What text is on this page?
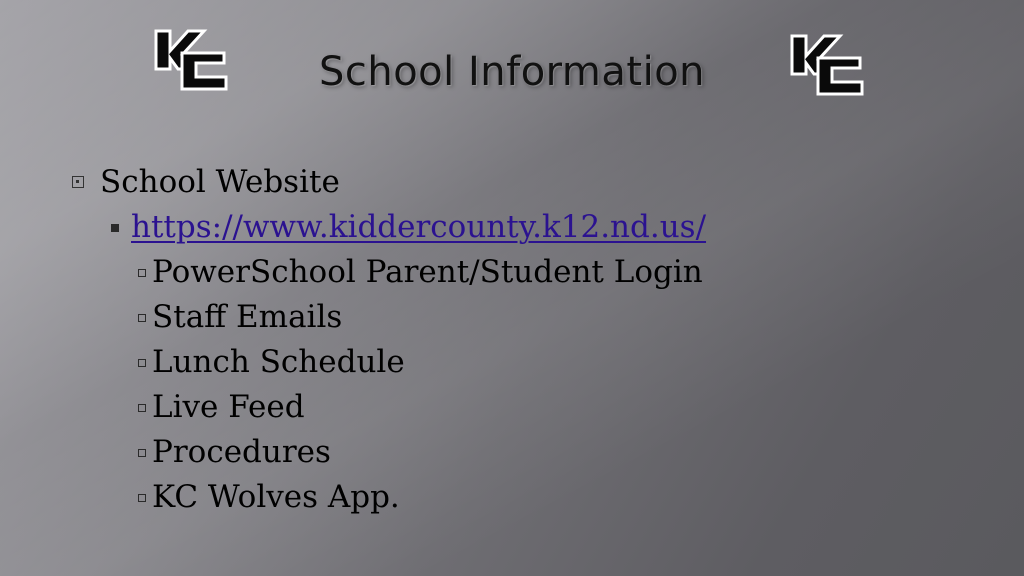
School Information
School Website
https://www.kiddercounty.k12.nd.us/
PowerSchool Parent/Student Login
Staff Emails
Lunch Schedule
Live Feed
Procedures
KC Wolves App.
